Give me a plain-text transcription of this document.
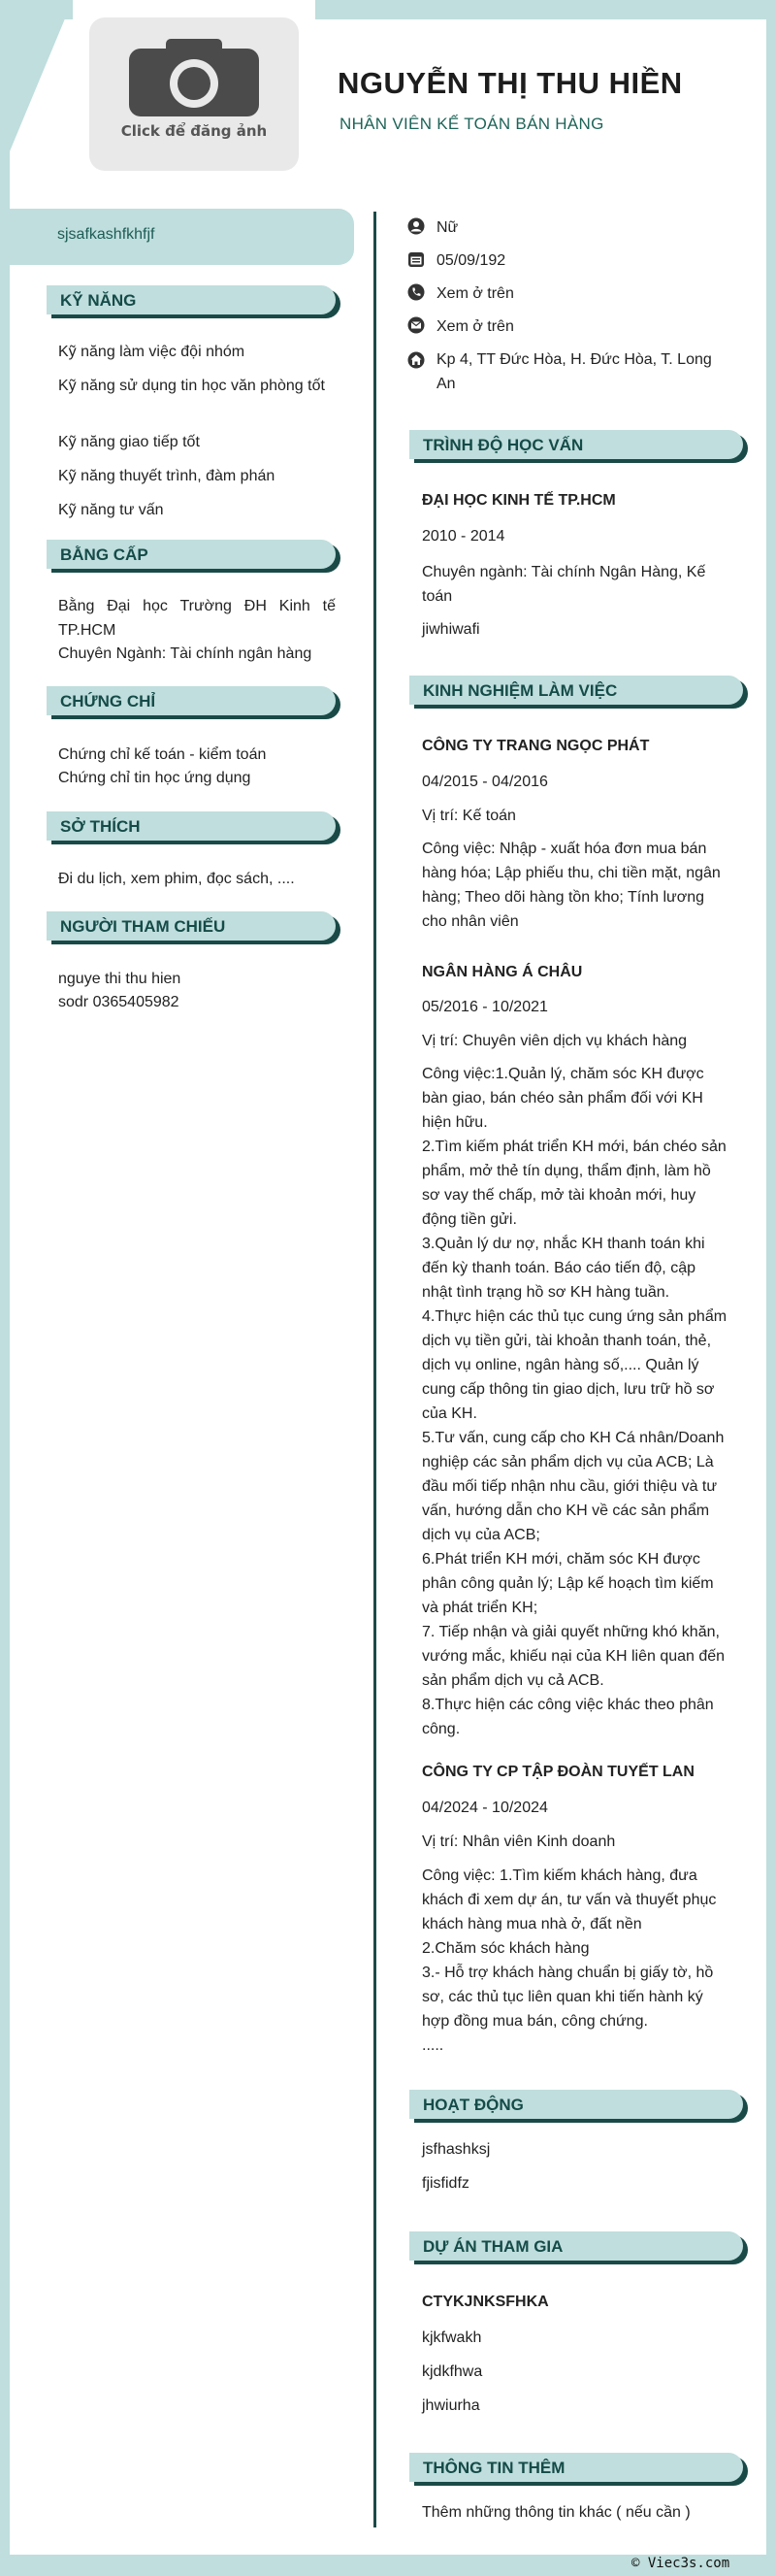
Click để đăng ảnh
NGUYỄN THỊ THU HIỀN
NHÂN VIÊN KẾ TOÁN BÁN HÀNG
sjsafkashfkhfjf
KỸ NĂNG
Kỹ năng làm việc đội nhóm
Kỹ năng sử dụng tin học văn phòng tốt
Kỹ năng giao tiếp tốt
Kỹ năng thuyết trình, đàm phán
Kỹ năng tư vấn
BẰNG CẤP
Bằng Đại học Trường ĐH Kinh tế TP.HCM
Chuyên Ngành: Tài chính ngân hàng
CHỨNG CHỈ
Chứng chỉ kế toán - kiểm toán
Chứng chỉ tin học ứng dụng
SỞ THÍCH
Đi du lịch, xem phim, đọc sách, ....
NGƯỜI THAM CHIẾU
nguye thi thu hien
sodr 0365405982
Nữ
05/09/192
Xem ở trên
Xem ở trên
Kp 4, TT Đức Hòa, H. Đức Hòa, T. Long An
TRÌNH ĐỘ HỌC VẤN
ĐẠI HỌC KINH TẾ TP.HCM
2010 - 2014
Chuyên ngành: Tài chính Ngân Hàng, Kế toán
jiwhiwafi
KINH NGHIỆM LÀM VIỆC
CÔNG TY TRANG NGỌC PHÁT
04/2015 - 04/2016
Vị trí: Kế toán
Công việc: Nhập - xuất hóa đơn mua bán hàng hóa; Lập phiếu thu, chi tiền mặt, ngân hàng; Theo dõi hàng tồn kho; Tính lương cho nhân viên
NGÂN HÀNG Á CHÂU
05/2016 - 10/2021
Vị trí: Chuyên viên dịch vụ khách hàng
Công việc:1.Quản lý, chăm sóc KH được bàn giao, bán chéo sản phẩm đối với KH hiện hữu.
2.Tìm kiếm phát triển KH mới, bán chéo sản phẩm, mở thẻ tín dụng, thẩm định, làm hồ sơ vay thế chấp, mở tài khoản mới, huy động tiền gửi.
3.Quản lý dư nợ, nhắc KH thanh toán khi đến kỳ thanh toán. Báo cáo tiến độ, cập nhật tình trạng hồ sơ KH hàng tuần.
4.Thực hiện các thủ tục cung ứng sản phẩm dịch vụ tiền gửi, tài khoản thanh toán, thẻ, dịch vụ online, ngân hàng số,.... Quản lý cung cấp thông tin giao dịch, lưu trữ hồ sơ của KH.
5.Tư vấn, cung cấp cho KH Cá nhân/Doanh nghiệp các sản phẩm dịch vụ của ACB; Là đầu mối tiếp nhận nhu cầu, giới thiệu và tư vấn, hướng dẫn cho KH về các sản phẩm dịch vụ của ACB;
6.Phát triển KH mới, chăm sóc KH được phân công quản lý; Lập kế hoạch tìm kiếm và phát triển KH;
7. Tiếp nhận và giải quyết những khó khăn, vướng mắc, khiếu nại của KH liên quan đến sản phẩm dịch vụ cả ACB.
8.Thực hiện các công việc khác theo phân công.
CÔNG TY CP TẬP ĐOÀN TUYẾT LAN
04/2024 - 10/2024
Vị trí: Nhân viên Kinh doanh
Công việc: 1.Tìm kiếm khách hàng, đưa khách đi xem dự án, tư vấn và thuyết phục khách hàng mua nhà ở, đất nền
2.Chăm sóc khách hàng
3.- Hỗ trợ khách hàng chuẩn bị giấy tờ, hồ sơ, các thủ tục liên quan khi tiến hành ký hợp đồng mua bán, công chứng.
.....
HOẠT ĐỘNG
jsfhashksj
fjisfidfz
DỰ ÁN THAM GIA
CTYKJNKSFHKA
kjkfwakh
kjdkfhwa
jhwiurha
THÔNG TIN THÊM
Thêm những thông tin khác ( nếu cần )
© Viec3s.com
